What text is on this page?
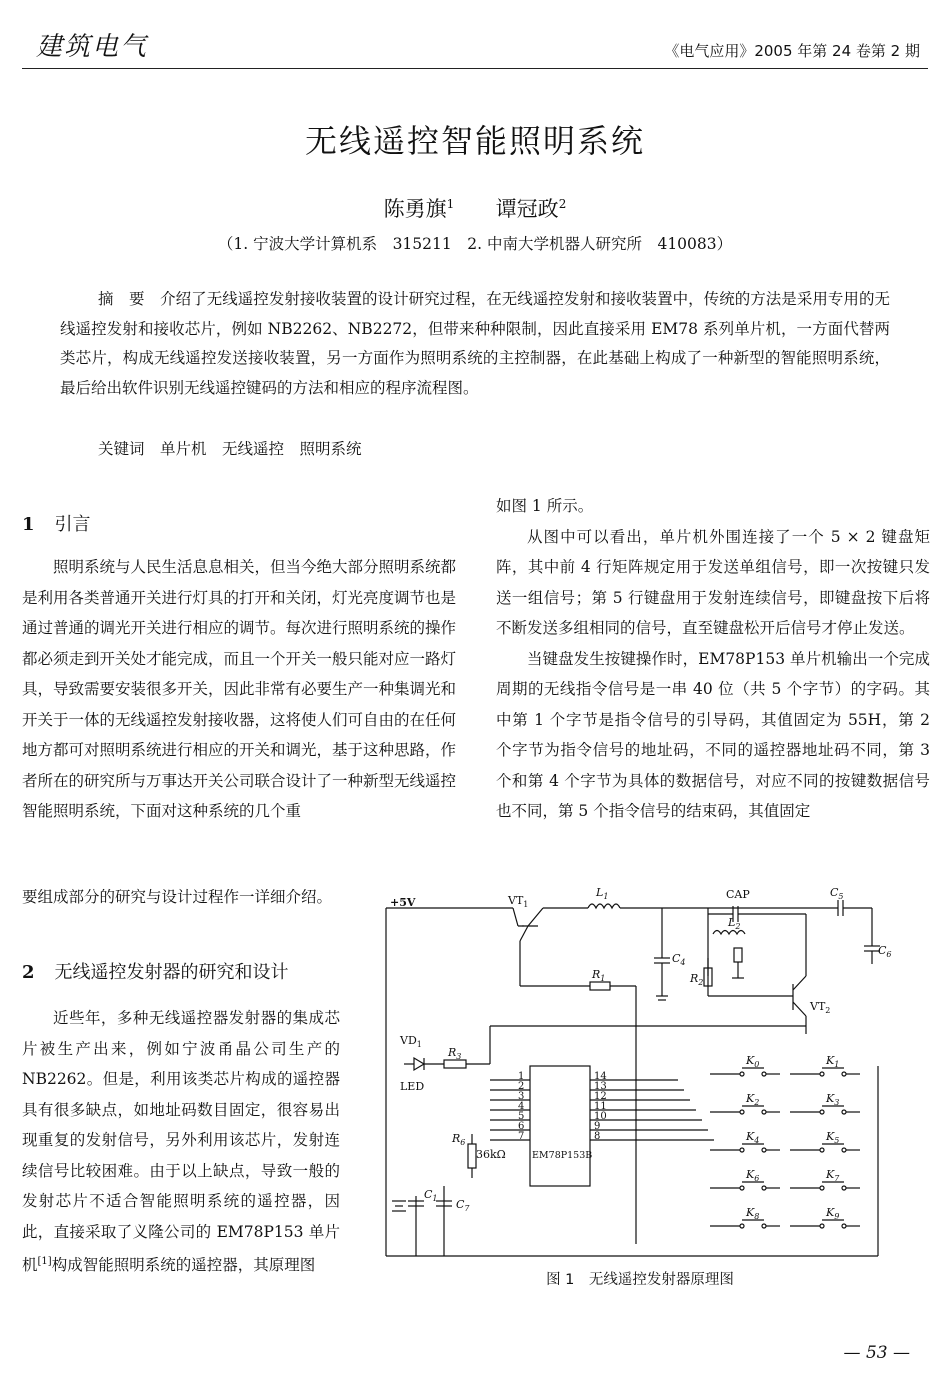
建筑电气	《电气应用》2005 年第 24 卷第 2 期
无线遥控智能照明系统
陈勇旗$^1$ 谭冠政$^2$
（1. 宁波大学计算机系　315211　2. 中南大学机器人研究所　410083）
摘　要　介绍了无线遥控发射接收装置的设计研究过程，在无线遥控发射和接收装置中，传统的方法是采用专用的无线遥控发射和接收芯片，例如 NB2262、NB2272，但带来种种限制，因此直接采用 EM78 系列单片机，一方面代替两类芯片，构成无线遥控发送接收装置，另一方面作为照明系统的主控制器，在此基础上构成了一种新型的智能照明系统，最后给出软件识别无线遥控键码的方法和相应的程序流程图。
关键词　单片机　无线遥控　照明系统
1 引言

照明系统与人民生活息息相关，但当今绝大部分照明系统都是利用各类普通开关进行灯具的打开和关闭，灯光亮度调节也是通过普通的调光开关进行相应的调节。每次进行照明系统的操作都必须走到开关处才能完成，而且一个开关一般只能对应一路灯具，导致需要安装很多开关，因此非常有必要生产一种集调光和开关于一体的无线遥控发射接收器，这将使人们可自由的在任何地方都可对照明系统进行相应的开关和调光，基于这种思路，作者所在的研究所与万事达开关公司联合设计了一种新型无线遥控智能照明系统，下面对这种系统的几个重

要组成部分的研究与设计过程作一详细介绍。

2 无线遥控发射器的研究和设计

近些年，多种无线遥控器发射器的集成芯片被生产出来，例如宁波甬晶公司生产的 NB2262。但是，利用该类芯片构成的遥控器具有很多缺点，如地址码数目固定，很容易出现重复的发射信号，另外利用该芯片，发射连续信号比较困难。由于以上缺点，导致一般的发射芯片不适合智能照明系统的遥控器，因此，直接采取了义隆公司的 EM78P153 单片机[1]构成智能照明系统的遥控器，其原理图

如图 1 所示。

从图中可以看出，单片机外围连接了一个 5 × 2 键盘矩阵，其中前 4 行矩阵规定用于发送单组信号，即一次按键只发送一组信号；第 5 行键盘用于发射连续信号，即键盘按下后将不断发送多组相同的信号，直至键盘松开后信号才停止发送。

当键盘发生按键操作时，EM78P153 单片机输出一个完成周期的无线指令信号是一串 40 位（共 5 个字节）的字码。其中第 1 个字节是指令信号的引导码，其值固定为 55H，第 2 个字节为指令信号的地址码，不同的遥控器地址码不同，第 3 个和第 4 个字节为具体的数据信号，对应不同的按键数据信号也不同，第 5 个指令信号的结束码，其值固定

+5V	$VT_1$
$R_1$
$L_1$
$C_4$
CAP
$L_2$
$R_2$
$C_5$
$C_6$
$VT_2$
$VD_1$
LED
$R_3$
EM78P153B
1
2
3
4
5
6
7
14
13
12
11
10
9
8
$R_6$
36kΩ
$C_1$ $C_7$
$K_0$	$K_1$
$K_2$	$K_3$
$K_4$	$K_5$
$K_6$	$K_7$
$K_8$	$K_9$
图 1　无线遥控发射器原理图
— 53 —
